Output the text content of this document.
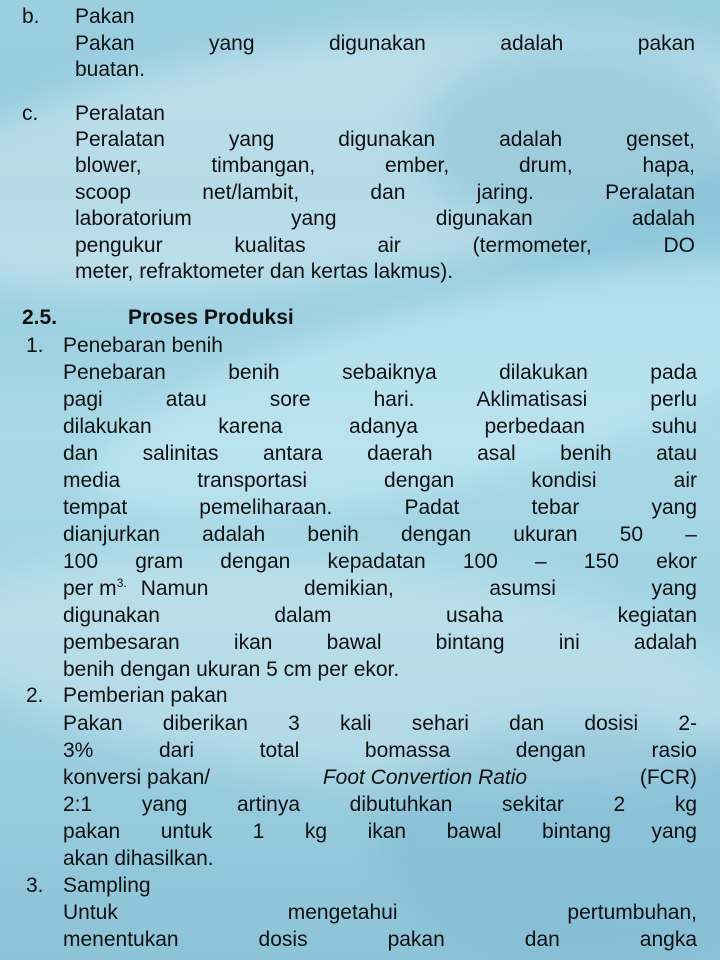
b. Pakan
Pakan yang digunakan adalah pakan
buatan.
c. Peralatan
Peralatan yang digunakan adalah genset,
blower, timbangan, ember, drum, hapa,
scoop net/lambit, dan jaring. Peralatan
laboratorium yang digunakan adalah
pengukur kualitas air (termometer, DO
meter, refraktometer dan kertas lakmus).
2.5.	Proses Produksi
1. Penebaran benih
Penebaran benih sebaiknya dilakukan pada
pagi atau sore hari. Aklimatisasi perlu
dilakukan karena adanya perbedaan suhu
dan salinitas antara daerah asal benih atau
media transportasi dengan kondisi air
tempat pemeliharaan. Padat tebar yang
dianjurkan adalah benih dengan ukuran 50 –
100 gram dengan kepadatan 100 – 150 ekor
per $m^{3.}$ Namun demikian, asumsi yang
digunakan dalam usaha kegiatan
pembesaran ikan bawal bintang ini adalah
benih dengan ukuran 5 cm per ekor.
2. Pemberian pakan
Pakan diberikan 3 kali sehari dan dosisi 2-
3% dari total bomassa dengan rasio
konversi pakan/	Foot Convertion Ratio	(FCR)
2:1 yang artinya dibutuhkan sekitar 2 kg
pakan untuk 1 kg ikan bawal bintang yang
akan dihasilkan.
3. Sampling
Untuk mengetahui pertumbuhan,
menentukan dosis pakan dan angka
